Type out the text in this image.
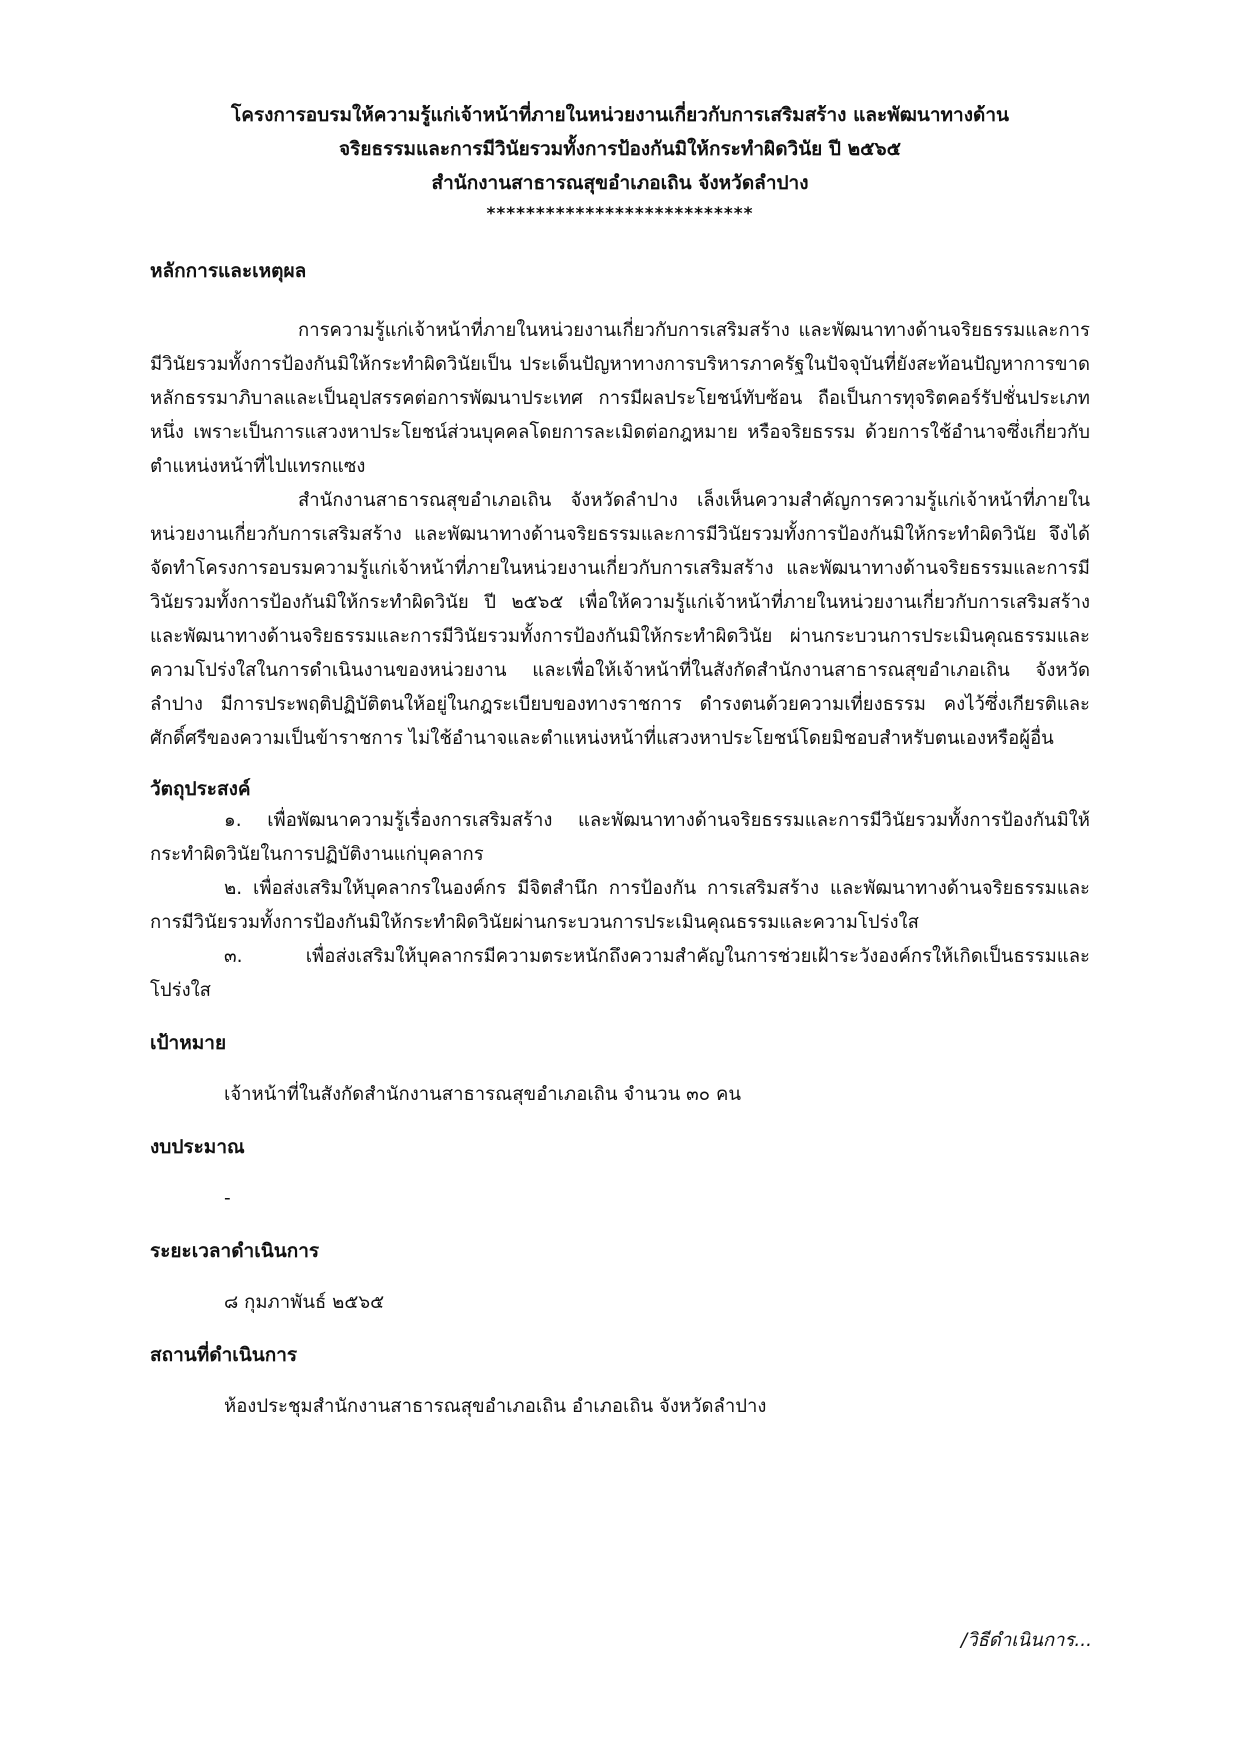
โครงการอบรมให้ความรู้แก่เจ้าหน้าที่ภายในหน่วยงานเกี่ยวกับการเสริมสร้าง และพัฒนาทางด้าน
จริยธรรมและการมีวินัยรวมทั้งการป้องกันมิให้กระทำผิดวินัย ปี ๒๕๖๕
สำนักงานสาธารณสุขอำเภอเถิน จังหวัดลำปาง
***************************

หลักการและเหตุผล

การความรู้แก่เจ้าหน้าที่ภายในหน่วยงานเกี่ยวกับการเสริมสร้าง และพัฒนาทางด้านจริยธรรมและการมีวินัยรวมทั้งการป้องกันมิให้กระทำผิดวินัยเป็น ประเด็นปัญหาทางการบริหารภาครัฐในปัจจุบันที่ยังสะท้อนปัญหาการขาดหลักธรรมาภิบาลและเป็นอุปสรรคต่อการพัฒนาประเทศ การมีผลประโยชน์ทับซ้อน ถือเป็นการทุจริตคอร์รัปชั่นประเภทหนึ่ง เพราะเป็นการแสวงหาประโยชน์ส่วนบุคคลโดยการละเมิดต่อกฎหมาย หรือจริยธรรม ด้วยการใช้อำนาจซึ่งเกี่ยวกับตำแหน่งหน้าที่ไปแทรกแซง

สำนักงานสาธารณสุขอำเภอเถิน จังหวัดลำปาง เล็งเห็นความสำคัญการความรู้แก่เจ้าหน้าที่ภายในหน่วยงานเกี่ยวกับการเสริมสร้าง และพัฒนาทางด้านจริยธรรมและการมีวินัยรวมทั้งการป้องกันมิให้กระทำผิดวินัย จึงได้จัดทำโครงการอบรมความรู้แก่เจ้าหน้าที่ภายในหน่วยงานเกี่ยวกับการเสริมสร้าง และพัฒนาทางด้านจริยธรรมและการมีวินัยรวมทั้งการป้องกันมิให้กระทำผิดวินัย ปี ๒๕๖๕ เพื่อให้ความรู้แก่เจ้าหน้าที่ภายในหน่วยงานเกี่ยวกับการเสริมสร้าง และพัฒนาทางด้านจริยธรรมและการมีวินัยรวมทั้งการป้องกันมิให้กระทำผิดวินัย ผ่านกระบวนการประเมินคุณธรรมและความโปร่งใสในการดำเนินงานของหน่วยงาน และเพื่อให้เจ้าหน้าที่ในสังกัดสำนักงานสาธารณสุขอำเภอเถิน จังหวัดลำปาง มีการประพฤติปฏิบัติตนให้อยู่ในกฎระเบียบของทางราชการ ดำรงตนด้วยความเที่ยงธรรม คงไว้ซึ่งเกียรติและศักดิ์ศรีของความเป็นข้าราชการ ไม่ใช้อำนาจและตำแหน่งหน้าที่แสวงหาประโยชน์โดยมิชอบสำหรับตนเองหรือผู้อื่น

วัตถุประสงค์

๑. เพื่อพัฒนาความรู้เรื่องการเสริมสร้าง และพัฒนาทางด้านจริยธรรมและการมีวินัยรวมทั้งการป้องกันมิให้กระทำผิดวินัยในการปฏิบัติงานแก่บุคลากร

๒. เพื่อส่งเสริมให้บุคลากรในองค์กร มีจิตสำนึก การป้องกัน การเสริมสร้าง และพัฒนาทางด้านจริยธรรมและการมีวินัยรวมทั้งการป้องกันมิให้กระทำผิดวินัยผ่านกระบวนการประเมินคุณธรรมและความโปร่งใส

๓. เพื่อส่งเสริมให้บุคลากรมีความตระหนักถึงความสำคัญในการช่วยเฝ้าระวังองค์กรให้เกิดเป็นธรรมและโปร่งใส

เป้าหมาย

เจ้าหน้าที่ในสังกัดสำนักงานสาธารณสุขอำเภอเถิน จำนวน ๓๐ คน

งบประมาณ

-

ระยะเวลาดำเนินการ

๘ กุมภาพันธ์ ๒๕๖๕

สถานที่ดำเนินการ

ห้องประชุมสำนักงานสาธารณสุขอำเภอเถิน อำเภอเถิน จังหวัดลำปาง

/วิธีดำเนินการ...
